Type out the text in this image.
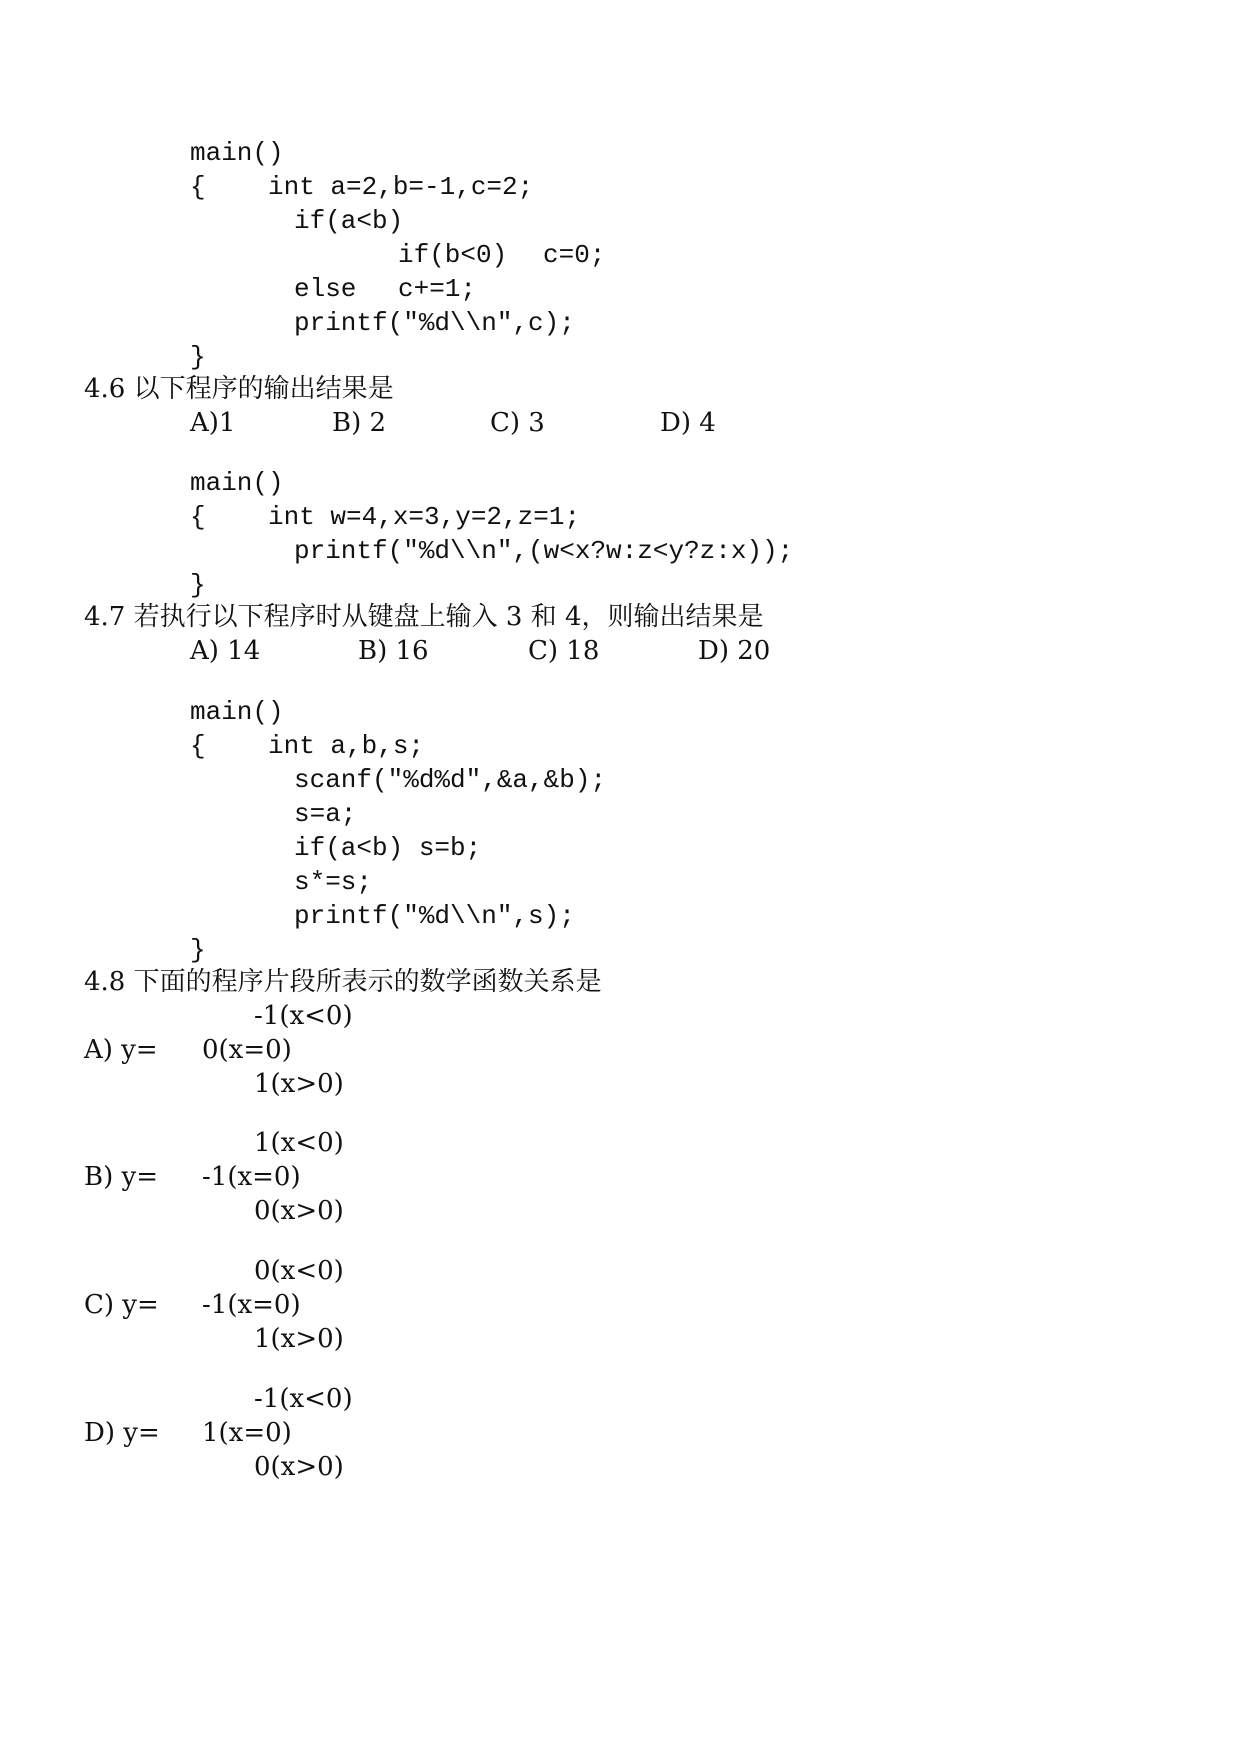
main()
{ int a=2,b=-1,c=2;
if(a<b)
if(b<0) c=0;
else c+=1;
printf("%d\\n",c);
}
4.6 以下程序的输出结果是
A)1	B) 2	C) 3	D) 4
main()
{ int w=4,x=3,y=2,z=1;
printf("%d\\n",(w<x?w:z<y?z:x));
}
4.7 若执行以下程序时从键盘上输入 3 和 4，则输出结果是
A) 14	B) 16	C) 18	D) 20
main()
{ int a,b,s;
scanf("%d%d",&a,&b);
s=a;
if(a<b) s=b;
s*=s;
printf("%d\\n",s);
}
4.8 下面的程序片段所表示的数学函数关系是
-1(x<0)
A) y= 0(x=0)
1(x>0)
1(x<0)
B) y= -1(x=0)
0(x>0)
0(x<0)
C) y= -1(x=0)
1(x>0)
-1(x<0)
D) y= 1(x=0)
0(x>0)
